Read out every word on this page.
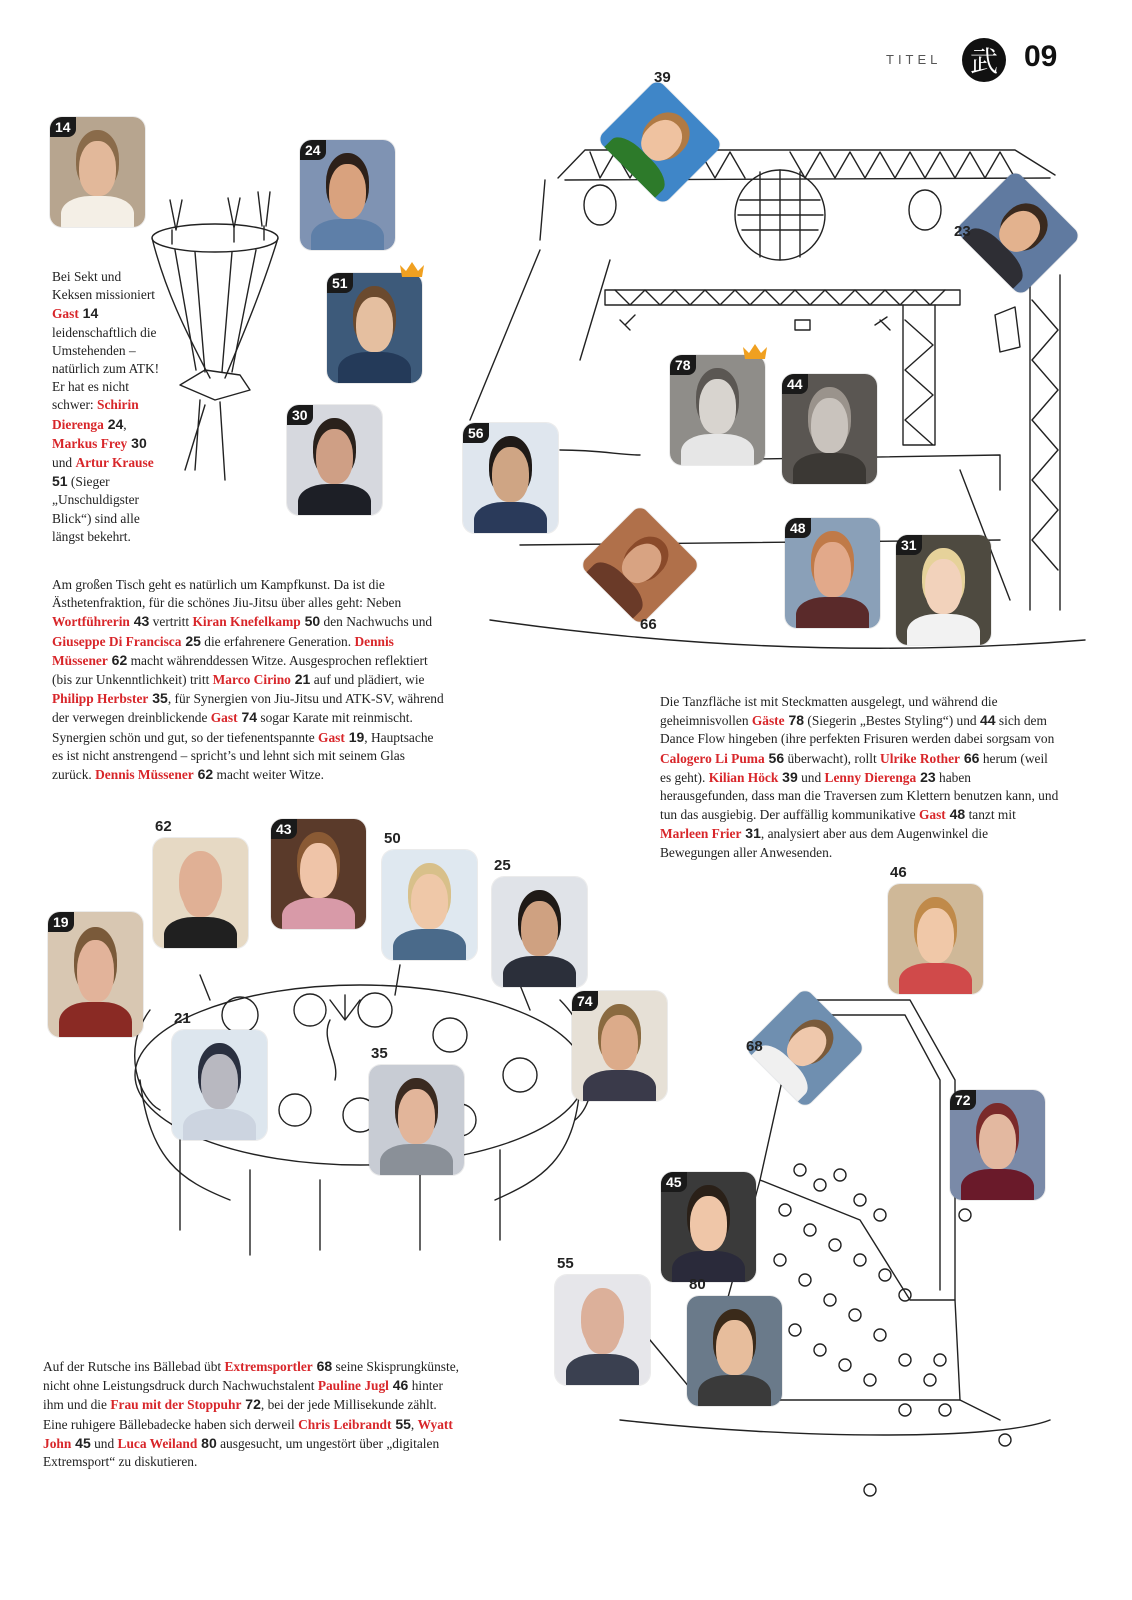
TITEL 武 09
Bei Sekt und Keksen missioniert Gast 14 leidenschaftlich die Umstehenden – natürlich zum ATK! Er hat es nicht schwer: Schirin Dierenga 24, Markus Frey 30 und Artur Krause 51 (Sieger „Unschuldigster Blick“) sind alle längst bekehrt.
Am großen Tisch geht es natürlich um Kampfkunst. Da ist die Ästhetenfraktion, für die schönes Jiu-Jitsu über alles geht: Neben Wortführerin 43 vertritt Kiran Knefelkamp 50 den Nachwuchs und Giuseppe Di Francisca 25 die erfahrenere Generation. Dennis Müssener 62 macht währenddessen Witze. Ausgesprochen reflektiert (bis zur Unkenntlichkeit) tritt Marco Cirino 21 auf und plädiert, wie Philipp Herbster 35, für Synergien von Jiu-Jitsu und ATK-SV, während der verwegen dreinblickende Gast 74 sogar Karate mit reinmischt. Synergien schön und gut, so der tiefenentspannte Gast 19, Hauptsache es ist nicht anstrengend – spricht’s und lehnt sich mit seinem Glas zurück. Dennis Müssener 62 macht weiter Witze.
Die Tanzfläche ist mit Steckmatten ausgelegt, und während die geheimnisvollen Gäste 78 (Siegerin „Bestes Styling“) und 44 sich dem Dance Flow hingeben (ihre perfekten Frisuren werden dabei sorgsam von Calogero Li Puma 56 überwacht), rollt Ulrike Rother 66 herum (weil es geht). Kilian Höck 39 und Lenny Dierenga 23 haben herausgefunden, dass man die Traversen zum Klettern benutzen kann, und tun das ausgiebig. Der auffällig kommunikative Gast 48 tanzt mit Marleen Frier 31, analysiert aber aus dem Augenwinkel die Bewegungen aller Anwesenden.
Auf der Rutsche ins Bällebad übt Extremsportler 68 seine Skisprungkünste, nicht ohne Leistungsdruck durch Nachwuchstalent Pauline Jugl 46 hinter ihm und die Frau mit der Stoppuhr 72, bei der jede Millisekunde zählt. Eine ruhigere Bällebadecke haben sich derweil Chris Leibrandt 55, Wyatt John 45 und Luca Weiland 80 ausgesucht, um ungestört über „digitalen Extremsport“ zu diskutieren.
14
24
51
30
39
23
78
44
56
66
48
31
62	43
50
25
19
21
35
74
46
68
72
45
55
80
